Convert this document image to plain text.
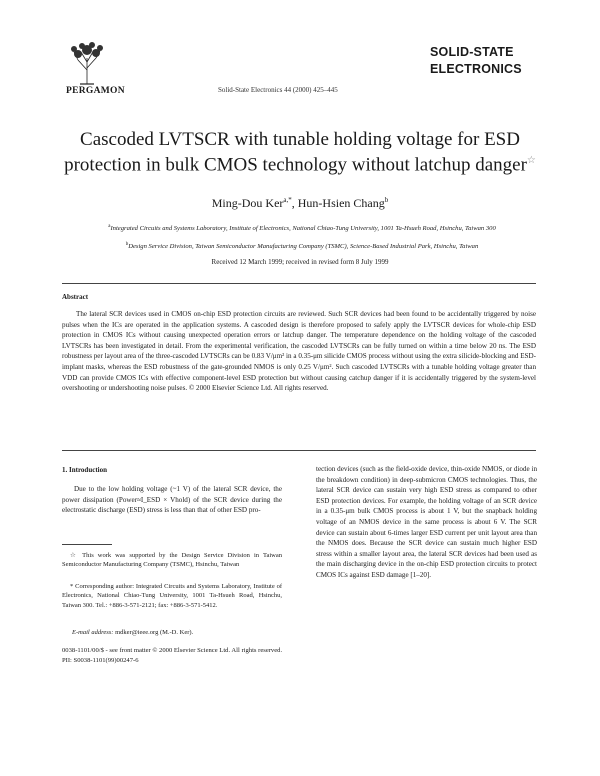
PERGAMON	Solid-State Electronics 44 (2000) 425–445
SOLID-STATE
ELECTRONICS
Cascoded LVTSCR with tunable holding voltage for ESD protection in bulk CMOS technology without latchup danger☆
Ming-Dou Ker$^{a,*}$, Hun-Hsien Chang$^b$
$^a$Integrated Circuits and Systems Laboratory, Institute of Electronics, National Chiao-Tung University, 1001 Ta-Hsueh Road, Hsinchu, Taiwan 300
$^b$Design Service Division, Taiwan Semiconductor Manufacturing Company (TSMC), Science-Based Industrial Park, Hsinchu, Taiwan
Received 12 March 1999; received in revised form 8 July 1999
Abstract
The lateral SCR devices used in CMOS on-chip ESD protection circuits are reviewed. Such SCR devices had been found to be accidentally triggered by noise pulses when the ICs are operated in the application systems. A cascoded design is therefore proposed to safely apply the LVTSCR devices for whole-chip ESD protection in CMOS ICs without causing unexpected operation errors or latchup danger. The temperature dependence on the holding voltage of the cascoded LVTSCRs has been investigated in detail. From the experimental verification, the cascoded LVTSCRs can be fully turned on within a time below 20 ns. The ESD robustness per layout area of the three-cascoded LVTSCRs can be 0.83 V/μm² in a 0.35-μm silicide CMOS process without using the extra silicide-blocking and ESD-implant masks, whereas the ESD robustness of the gate-grounded NMOS is only 0.25 V/μm². Such cascoded LVTSCRs with a tunable holding voltage greater than VDD can provide CMOS ICs with effective component-level ESD protection but without causing catchup danger if it is accidentally triggered by the system-level overshooting or undershooting noise pulses. © 2000 Elsevier Science Ltd. All rights reserved.
1. Introduction
Due to the low holding voltage (~1 V) of the lateral SCR device, the power dissipation (Power≈I_ESD × Vhold) of the SCR device during the electrostatic discharge (ESD) stress is less than that of other ESD pro-
tection devices (such as the field-oxide device, thin-oxide NMOS, or diode in the breakdown condition) in deep-submicron CMOS technologies. Thus, the lateral SCR device can sustain very high ESD stress as compared to other ESD protection devices. For example, the holding voltage of an SCR device in a 0.35-μm bulk CMOS process is about 1 V, but the snapback holding voltage of an NMOS device in the same process is about 6 V. The SCR device can sustain about 6-times larger ESD current per unit layout area than the NMOS does. Because the SCR device can sustain much higher ESD stress within a smaller layout area, the lateral SCR devices had been used as the main discharging device in the on-chip ESD protection circuits to protect CMOS ICs against ESD damage [1–20].
☆ This work was supported by the Design Service Division in Taiwan Semiconductor Manufacturing Company (TSMC), Hsinchu, Taiwan
* Corresponding author: Integrated Circuits and Systems Laboratory, Institute of Electronics, National Chiao-Tung University, 1001 Ta-Hsueh Road, Hsinchu, Taiwan 300. Tel.: +886-3-571-2121; fax: +886-3-571-5412.
E-mail address: mdker@ieee.org (M.-D. Ker).
0038-1101/00/$ - see front matter © 2000 Elsevier Science Ltd. All rights reserved.
PII: S0038-1101(99)00247-6
